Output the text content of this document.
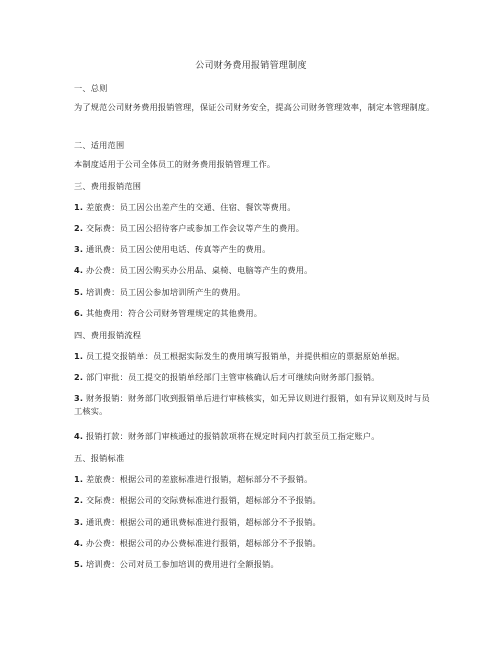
公司财务费用报销管理制度
一、总则
为了规范公司财务费用报销管理，保证公司财务安全，提高公司财务管理效率，制定本管理制度。
二、适用范围
本制度适用于公司全体员工的财务费用报销管理工作。
三、费用报销范围
1. 差旅费：员工因公出差产生的交通、住宿、餐饮等费用。
2. 交际费：员工因公招待客户或参加工作会议等产生的费用。
3. 通讯费：员工因公使用电话、传真等产生的费用。
4. 办公费：员工因公购买办公用品、桌椅、电脑等产生的费用。
5. 培训费：员工因公参加培训所产生的费用。
6. 其他费用：符合公司财务管理规定的其他费用。
四、费用报销流程
1. 员工提交报销单：员工根据实际发生的费用填写报销单，并提供相应的票据原始单据。
2. 部门审批：员工提交的报销单经部门主管审核确认后才可继续向财务部门报销。
3. 财务报销：财务部门收到报销单后进行审核核实，如无异议则进行报销，如有异议则及时与员工核实。
4. 报销打款：财务部门审核通过的报销款项将在规定时间内打款至员工指定账户。
五、报销标准
1. 差旅费：根据公司的差旅标准进行报销，超标部分不予报销。
2. 交际费：根据公司的交际费标准进行报销，超标部分不予报销。
3. 通讯费：根据公司的通讯费标准进行报销，超标部分不予报销。
4. 办公费：根据公司的办公费标准进行报销，超标部分不予报销。
5. 培训费：公司对员工参加培训的费用进行全额报销。
